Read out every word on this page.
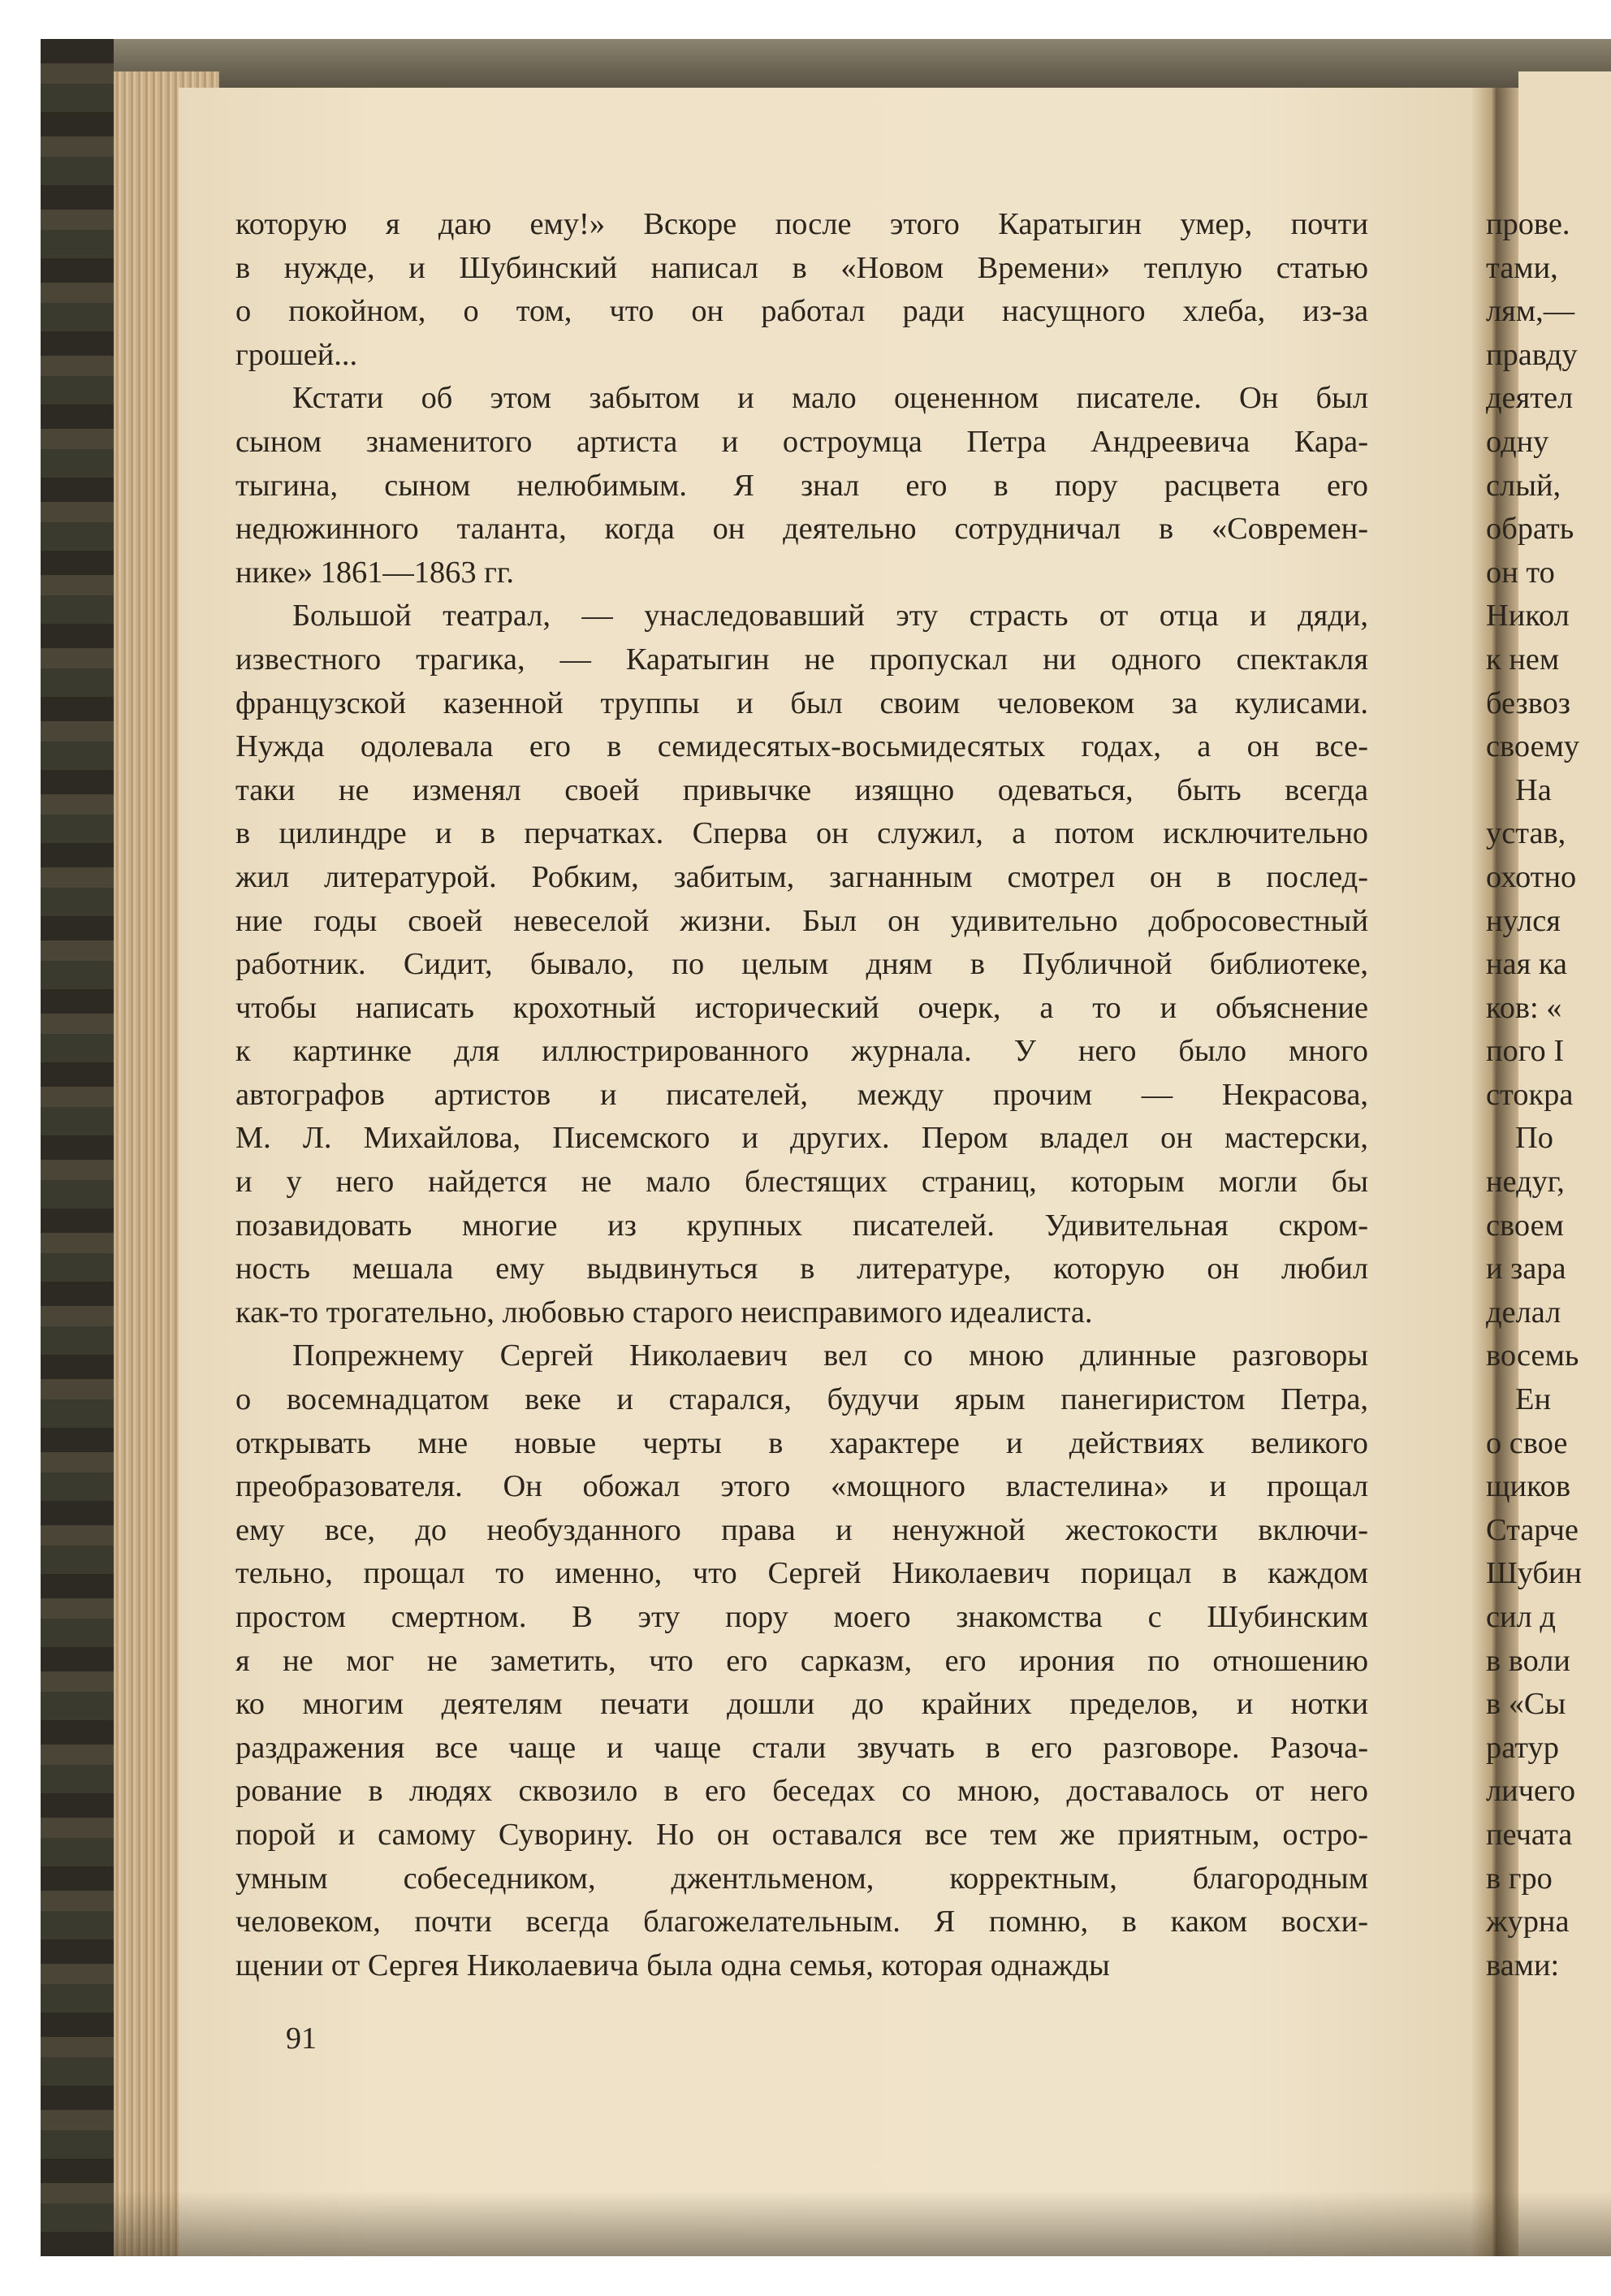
которую я даю ему!» Вскоре после этого Каратыгин умер, почти
в нужде, и Шубинский написал в «Новом Времени» теплую статью
о покойном, о том, что он работал ради насущного хлеба, из-за
грошей...
Кстати об этом забытом и мало оцененном писателе. Он был
сыном знаменитого артиста и остроумца Петра Андреевича Кара-
тыгина, сыном нелюбимым. Я знал его в пору расцвета его
недюжинного таланта, когда он деятельно сотрудничал в «Современ-
нике» 1861—1863 гг.
Большой театрал, — унаследовавший эту страсть от отца и дяди,
известного трагика, — Каратыгин не пропускал ни одного спектакля
французской казенной труппы и был своим человеком за кулисами.
Нужда одолевала его в семидесятых-восьмидесятых годах, а он все-
таки не изменял своей привычке изящно одеваться, быть всегда
в цилиндре и в перчатках. Сперва он служил, а потом исключительно
жил литературой. Робким, забитым, загнанным смотрел он в послед-
ние годы своей невеселой жизни. Был он удивительно добросовестный
работник. Сидит, бывало, по целым дням в Публичной библиотеке,
чтобы написать крохотный исторический очерк, а то и объяснение
к картинке для иллюстрированного журнала. У него было много
автографов артистов и писателей, между прочим — Некрасова,
М. Л. Михайлова, Писемского и других. Пером владел он мастерски,
и у него найдется не мало блестящих страниц, которым могли бы
позавидовать многие из крупных писателей. Удивительная скром-
ность мешала ему выдвинуться в литературе, которую он любил
как-то трогательно, любовью старого неисправимого идеалиста.
Попрежнему Сергей Николаевич вел со мною длинные разговоры
о восемнадцатом веке и старался, будучи ярым панегиристом Петра,
открывать мне новые черты в характере и действиях великого
преобразователя. Он обожал этого «мощного властелина» и прощал
ему все, до необузданного права и ненужной жестокости включи-
тельно, прощал то именно, что Сергей Николаевич порицал в каждом
простом смертном. В эту пору моего знакомства с Шубинским
я не мог не заметить, что его сарказм, его ирония по отношению
ко многим деятелям печати дошли до крайних пределов, и нотки
раздражения все чаще и чаще стали звучать в его разговоре. Разоча-
рование в людях сквозило в его беседах со мною, доставалось от него
порой и самому Суворину. Но он оставался все тем же приятным, остро-
умным собеседником, джентльменом, корректным, благородным
человеком, почти всегда благожелательным. Я помню, в каком восхи-
щении от Сергея Николаевича была одна семья, которая однажды
91
прове.
тами,
лям,—
правду
деятел
одну
слый,
обрать
он то
Никол
к нем
безвоз
своему
На
устав,
охотно
нулся
ная ка
ков: «
пого I
стокра
По
недуг,
своем
и зара
делал
восемь
Ен
о свое
щиков
Старче
Шубин
сил д
в воли
в «Сы
ратур
личего
печата
в гро
журна
вами:
